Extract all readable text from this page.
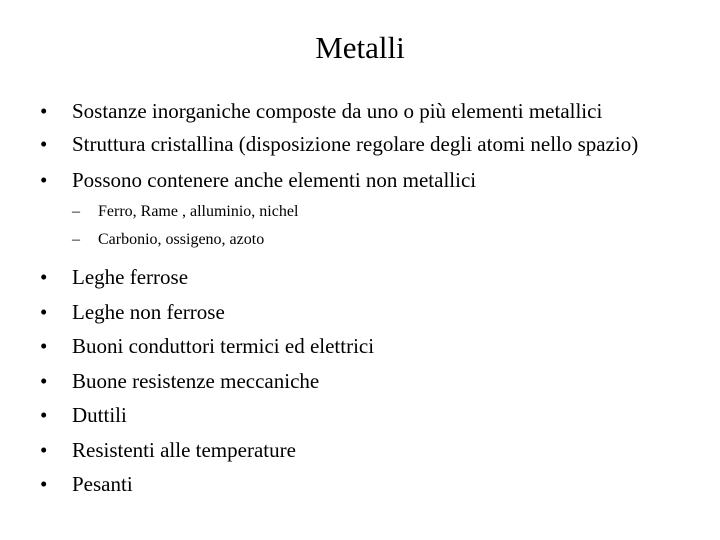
Metalli
•	Sostanze inorganiche composte da uno o più elementi metallici
•	Struttura cristallina (disposizione regolare degli atomi nello spazio)
•	Possono contenere anche elementi non metallici
–	Ferro, Rame , alluminio, nichel
–	Carbonio, ossigeno, azoto
•	Leghe ferrose
•	Leghe non ferrose
•	Buoni conduttori termici ed elettrici
•	Buone resistenze meccaniche
•	Duttili
•	Resistenti alle temperature
•	Pesanti
